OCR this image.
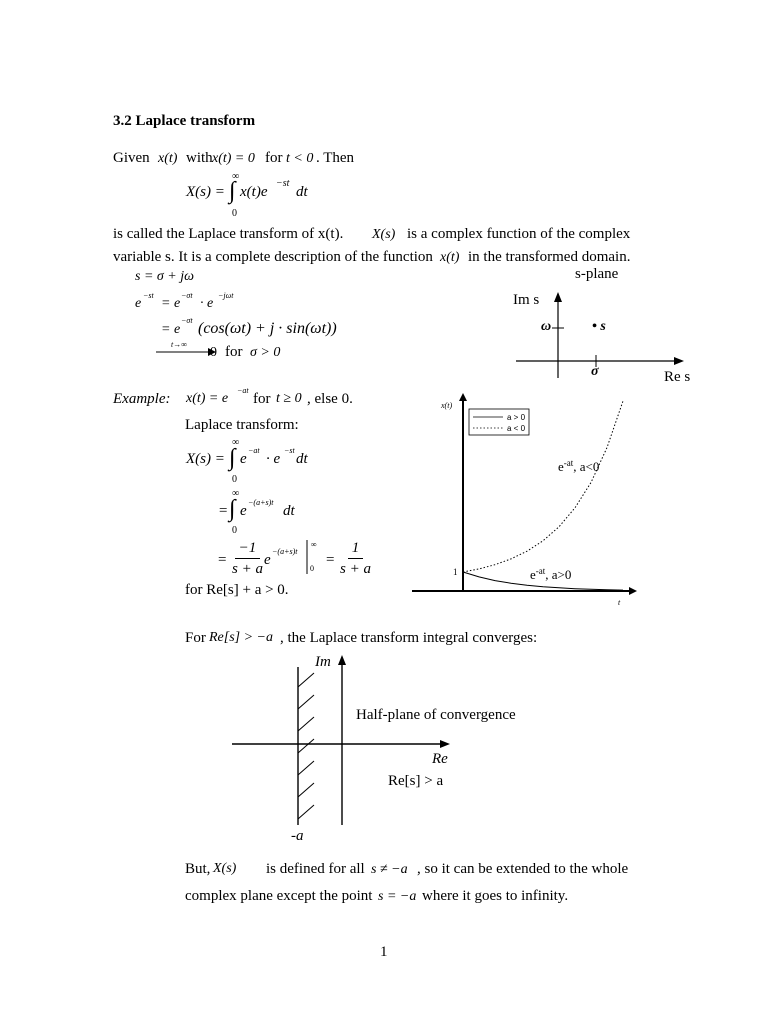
3.2 Laplace transform
Given x(t) with x(t) = 0 for t < 0 . Then
X(s) =
∞
∫
0
x(t)e
−st
dt
is called the Laplace transform of x(t). X(s) is a complex function of the complex
variable s. It is a complete description of the function x(t) in the transformed domain.
s = σ + jω
e
−st
= e
−σt
· e
−jωt
= e
−σt (cos(ωt) + j · sin(ωt))
t→∞
0 for σ > 0
s-plane
Im s
ω	• s
σ	Re s
Example: x(t) = e
−at
for t ≥ 0 , else 0.
Laplace transform:
X(s) =
∞
∫
0
e
−at
· e
−st
dt
=
∞
∫
0
e
−(a+s)t
dt
= $\frac{-1}{s + a}$
e
−(a+s)t
∞
0
= $\frac{1}{s + a}$
for Re[s] + a > 0.
a > 0
a < 0
x(t)
t
1
$e^{-at}$, a<0
$e^{-at}$, a>0
For Re[s] > −a , the Laplace transform integral converges:
Im
Half-plane of convergence
Re
Re[s] > a
-a
But, X(s) is defined for all s ≠ −a , so it can be extended to the whole
complex plane except the point s = −a where it goes to infinity.
1
